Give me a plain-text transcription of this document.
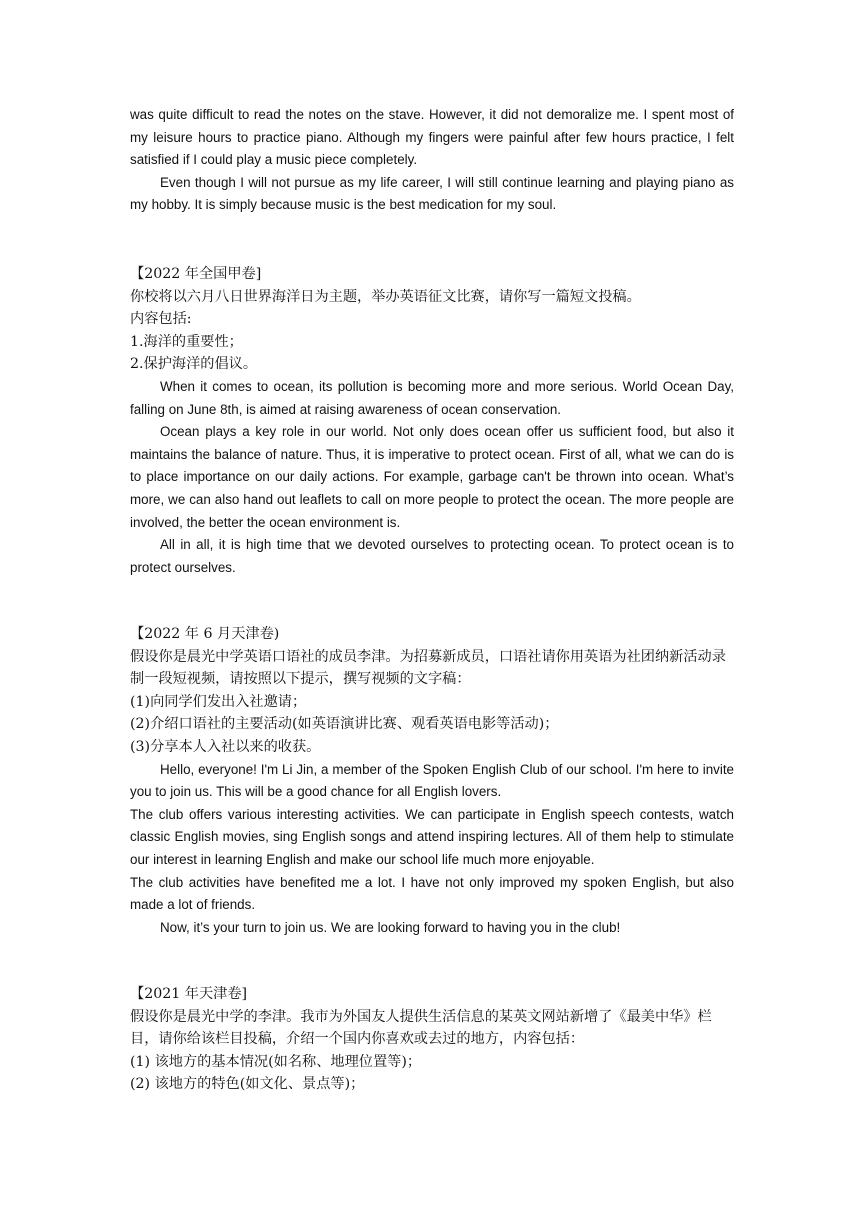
was quite difficult to read the notes on the stave. However, it did not demoralize me. I spent most of my leisure hours to practice piano. Although my fingers were painful after few hours practice, I felt satisfied if I could play a music piece completely.

Even though I will not pursue as my life career, I will still continue learning and playing piano as my hobby. It is simply because music is the best medication for my soul.

【2022 年全国甲卷]

你校将以六月八日世界海洋日为主题，举办英语征文比赛，请你写一篇短文投稿。

内容包括:

1.海洋的重要性；

2.保护海洋的倡议。

When it comes to ocean, its pollution is becoming more and more serious. World Ocean Day, falling on June 8th, is aimed at raising awareness of ocean conservation.

Ocean plays a key role in our world. Not only does ocean offer us sufficient food, but also it maintains the balance of nature. Thus, it is imperative to protect ocean. First of all, what we can do is to place importance on our daily actions. For example, garbage can't be thrown into ocean. What’s more, we can also hand out leaflets to call on more people to protect the ocean. The more people are involved, the better the ocean environment is.

All in all, it is high time that we devoted ourselves to protecting ocean. To protect ocean is to protect ourselves.

【2022 年 6 月天津卷)

假设你是晨光中学英语口语社的成员李津。为招募新成员，口语社请你用英语为社团纳新活动录制一段短视频，请按照以下提示，撰写视频的文字稿：

(1)向同学们发出入社邀请；

(2)介绍口语社的主要活动(如英语演讲比赛、观看英语电影等活动)；

(3)分享本人入社以来的收获。

Hello, everyone! I'm Li Jin, a member of the Spoken English Club of our school. I'm here to invite you to join us. This will be a good chance for all English lovers.

The club offers various interesting activities. We can participate in English speech contests, watch classic English movies, sing English songs and attend inspiring lectures. All of them help to stimulate our interest in learning English and make our school life much more enjoyable.

The club activities have benefited me a lot. I have not only improved my spoken English, but also made a lot of friends.

Now, it’s your turn to join us. We are looking forward to having you in the club!

【2021 年天津卷]

假设你是晨光中学的李津。我市为外国友人提供生活信息的某英文网站新增了《最美中华》栏目，请你给该栏目投稿，介绍一个国内你喜欢或去过的地方，内容包括：

(1) 该地方的基本情况(如名称、地理位置等)；

(2) 该地方的特色(如文化、景点等)；
